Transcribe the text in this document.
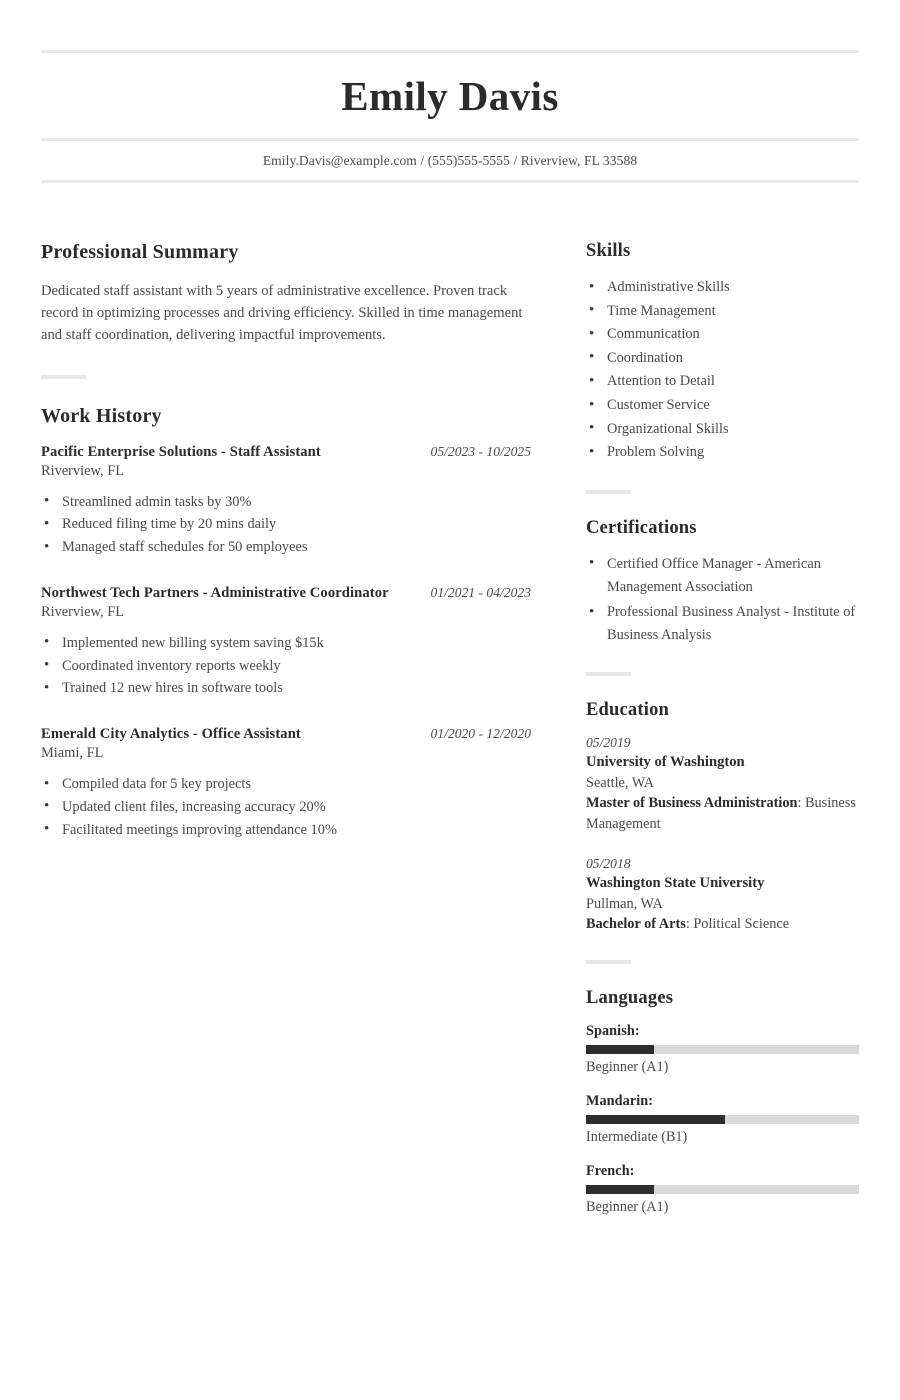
Emily Davis
Emily.Davis@example.com / (555)555-5555 / Riverview, FL 33588
Professional Summary

Dedicated staff assistant with 5 years of administrative excellence. Proven track record in optimizing processes and driving efficiency. Skilled in time management and staff coordination, delivering impactful improvements.

Work History
Pacific Enterprise Solutions - Staff Assistant	05/2023 - 10/2025
Riverview, FL
• Streamlined admin tasks by 30%
• Reduced filing time by 20 mins daily
• Managed staff schedules for 50 employees
Northwest Tech Partners - Administrative Coordinator	01/2021 - 04/2023
Riverview, FL
• Implemented new billing system saving $15k
• Coordinated inventory reports weekly
• Trained 12 new hires in software tools
Emerald City Analytics - Office Assistant	01/2020 - 12/2020
Miami, FL
• Compiled data for 5 key projects
• Updated client files, increasing accuracy 20%
• Facilitated meetings improving attendance 10%
Skills
• Administrative Skills
• Time Management
• Communication
• Coordination
• Attention to Detail
• Customer Service
• Organizational Skills
• Problem Solving
Certifications
• Certified Office Manager - American Management Association
• Professional Business Analyst - Institute of Business Analysis
Education
05/2019
University of Washington
Seattle, WA
Master of Business Administration: Business Management
05/2018
Washington State University
Pullman, WA
Bachelor of Arts: Political Science
Languages
Spanish:
Beginner (A1)
Mandarin:
Intermediate (B1)
French:
Beginner (A1)
